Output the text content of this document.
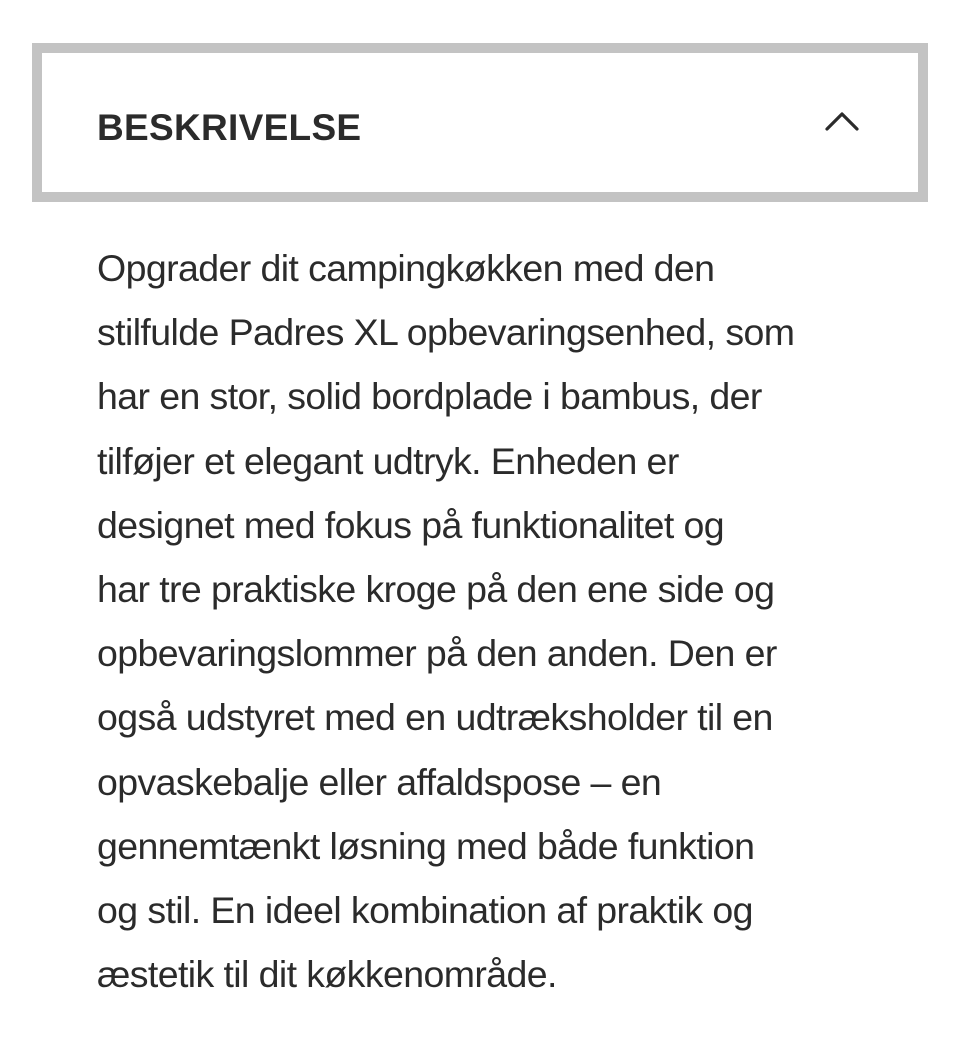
BESKRIVELSE
Opgrader dit campingkøkken med den
stilfulde Padres XL opbevaringsenhed, som
har en stor, solid bordplade i bambus, der
tilføjer et elegant udtryk. Enheden er
designet med fokus på funktionalitet og
har tre praktiske kroge på den ene side og
opbevaringslommer på den anden. Den er
også udstyret med en udtræksholder til en
opvaskebalje eller affaldspose – en
gennemtænkt løsning med både funktion
og stil. En ideel kombination af praktik og
æstetik til dit køkkenområde.
